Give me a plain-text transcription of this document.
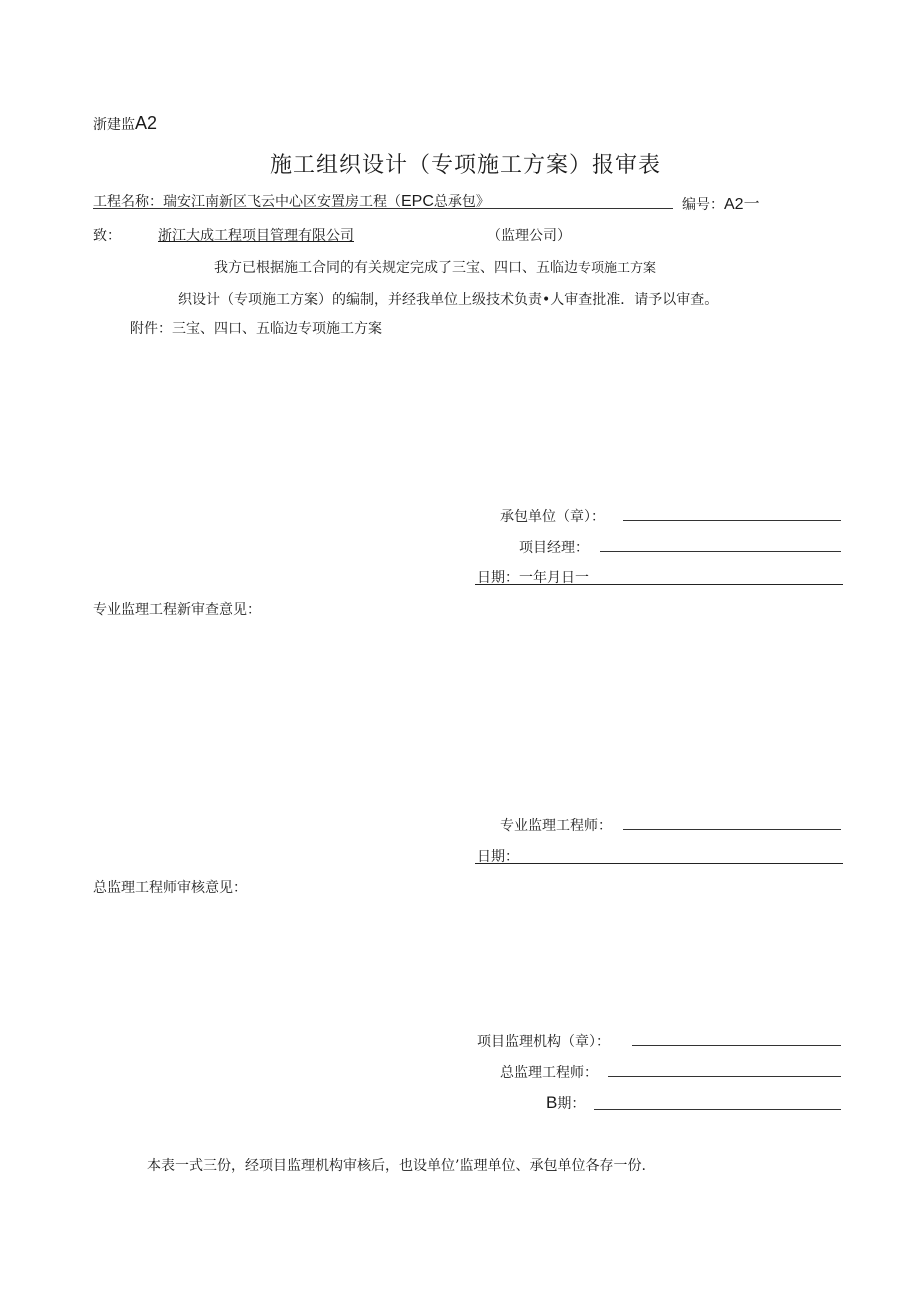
浙建监A2
施工组织设计（专项施工方案）报审表
工程名称：瑞安江南新区飞云中心区安置房工程（EPC总承包》	编号：A2一
致：	浙江大成工程项目管理有限公司	（监理公司）
我方已根据施工合同的有关规定完成了三宝、四口、五临边专项施工方案
织设计（专项施工方案）的编制，并经我单位上级技术负责•人审查批准．请予以审查。
附件：三宝、四口、五临边专项施工方案
承包单位（章）：
项目经理：
日期：一年月日一
专业监理工程新审查意见：
专业监理工程师：
日期：
总监理工程师审核意见：
项目监理机构（章）：
总监理工程师：
B期：
本表一式三份，经项目监理机构审核后，也设单位’监理单位、承包单位各存一份.
